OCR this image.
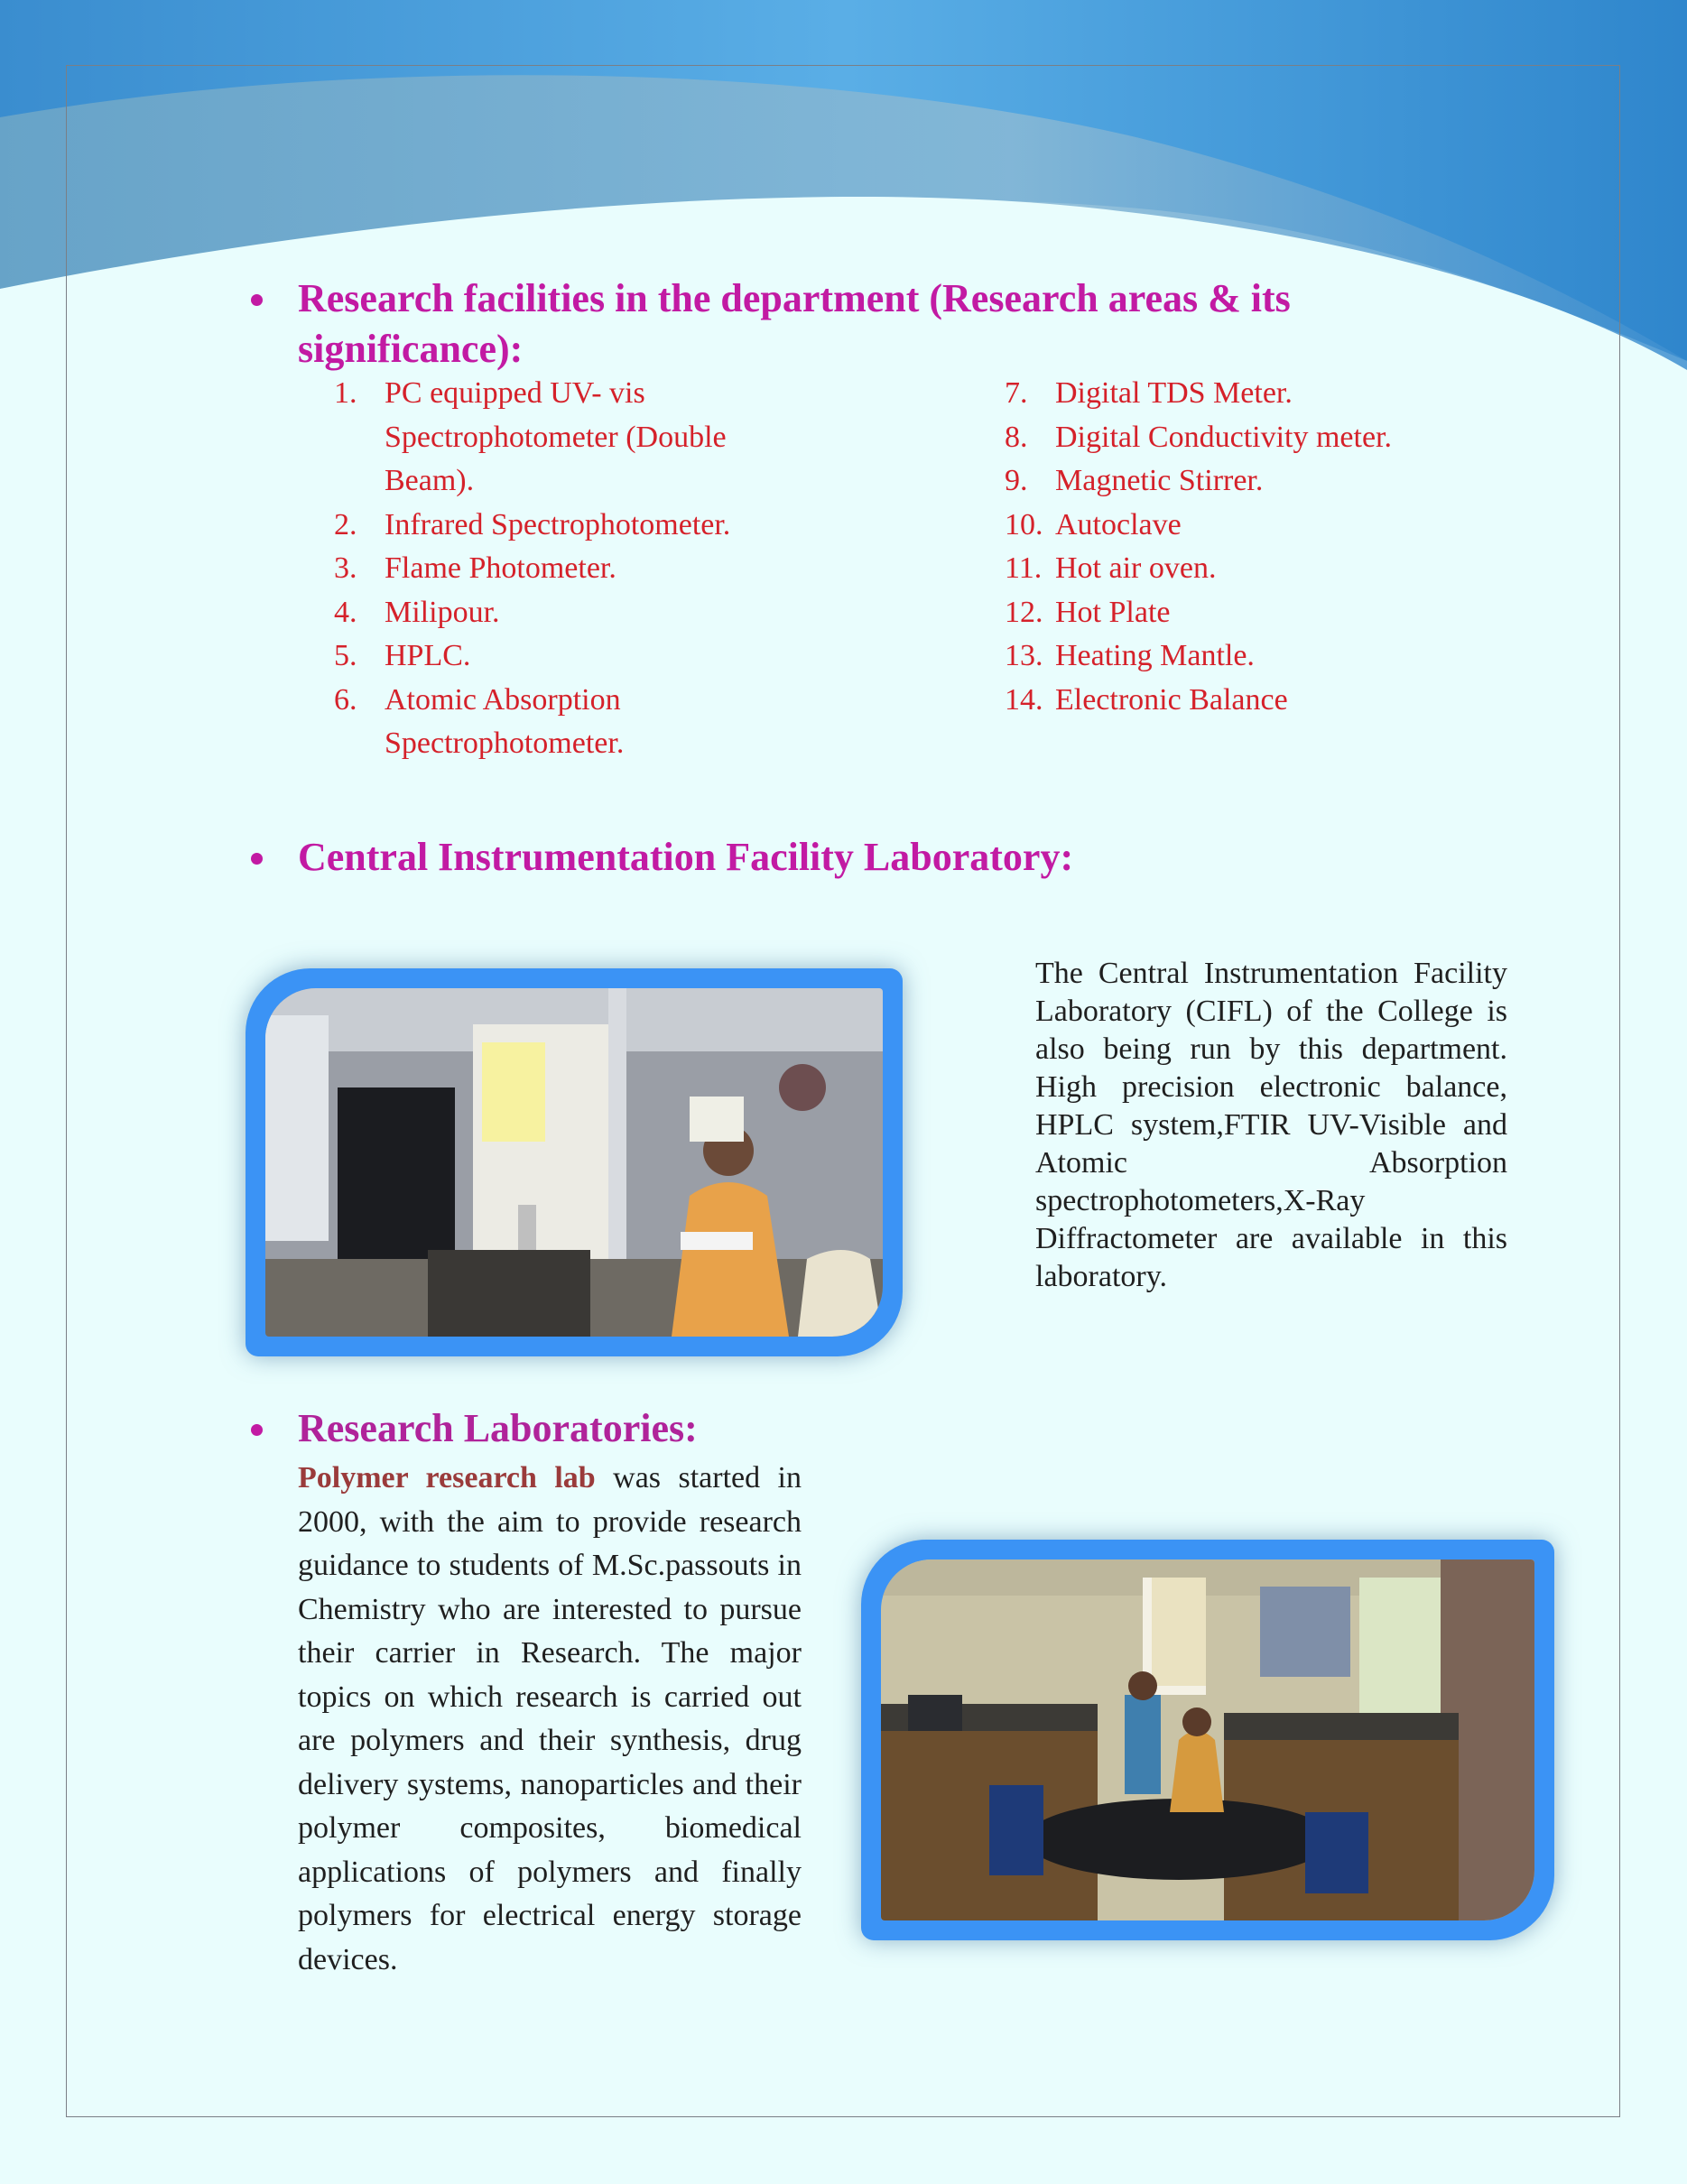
Research facilities in the department (Research areas & its
significance):
1. PC equipped UV- vis
Spectrophotometer (Double
Beam).
2. Infrared Spectrophotometer.
3. Flame Photometer.
4. Milipour.
5. HPLC.
6. Atomic Absorption
Spectrophotometer.
7. Digital TDS Meter.
8. Digital Conductivity meter.
9. Magnetic Stirrer.
10. Autoclave
11. Hot air oven.
12. Hot Plate
13. Heating Mantle.
14. Electronic Balance
Central Instrumentation Facility Laboratory:

The Central Instrumentation Facility Laboratory (CIFL) of the College is also being run by this department. High precision electronic balance, HPLC system,FTIR UV-Visible and Atomic Absorption spectrophotometers,X-Ray Diffractometer are available in this laboratory.

Research Laboratories:

Polymer research lab was started in 2000, with the aim to provide research guidance to students of M.Sc.passouts in Chemistry who are interested to pursue their carrier in Research. The major topics on which research is carried out are polymers and their synthesis, drug delivery systems, nanoparticles and their polymer composites, biomedical applications of polymers and finally polymers for electrical energy storage devices.
